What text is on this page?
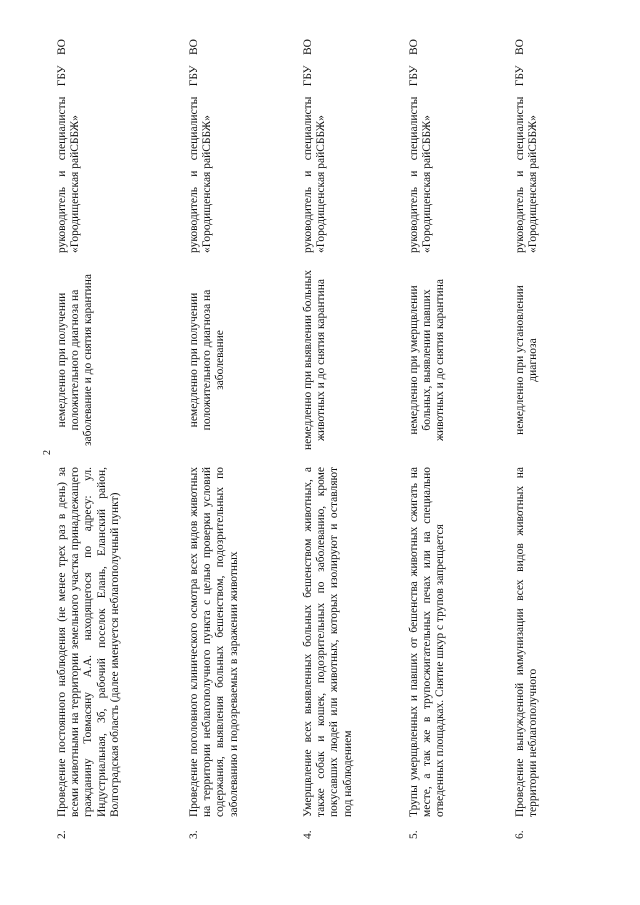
2
2.	Проведение постоянного наблюдения (не менее трех раз в день) за всеми животными на территории земельного участка принадлежащего гражданину Товмасяну А.А. находящегося по адресу: ул. Индустриальная, 3б, рабочий поселок Елань, Еланский район, Волгоградская область (далее именуется неблагополучный пункт)	немедленно при получении положительного диагноза на заболевание и до снятия карантина	руководитель и специалисты ГБУ ВО «Городищенская райСББЖ»
3.	Проведение поголовного клинического осмотра всех видов животных на территории неблагополучного пункта с целью проверки условий содержания, выявления больных бешенством, подозрительных по заболеванию и подозреваемых в заражении животных	немедленно при получении положительного диагноза на заболевание	руководитель и специалисты ГБУ ВО «Городищенская райСББЖ»
4.	Умерщвление всех выявленных больных бешенством животных, а также собак и кошек, подозрительных по заболеванию, кроме покусавших людей или животных, которых изолируют и оставляют под наблюдением	немедленно при выявлении больных животных и до снятия карантина	руководитель и специалисты ГБУ ВО «Городищенская райСББЖ»
5.	Трупы умерщвленных и павших от бешенства животных сжигать на месте, а так же в трупосжигательных печах или на специально отведенных площадках. Снятие шкур с трупов запрещается	немедленно при умерщвлении больных, выявлении павших животных и до снятия карантина	руководитель и специалисты ГБУ ВО «Городищенская райСББЖ»
6.	Проведение вынужденной иммунизации всех видов животных на территории неблагополучного	немедленно при установлении диагноза	руководитель и специалисты ГБУ ВО «Городищенская райСББЖ»
